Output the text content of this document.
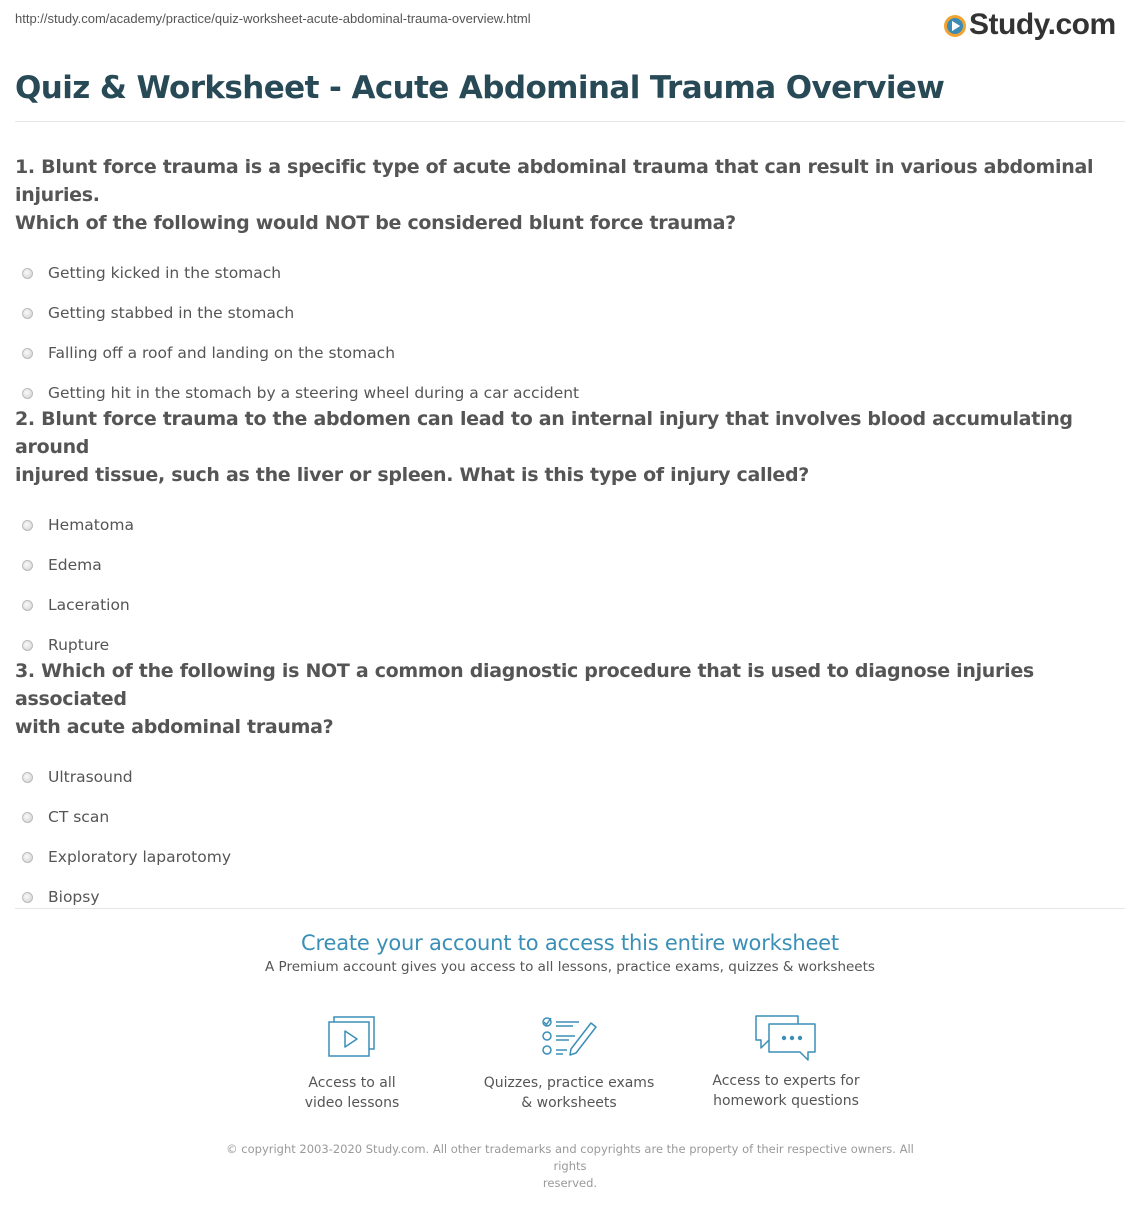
http://study.com/academy/practice/quiz-worksheet-acute-abdominal-trauma-overview.html	Study.com
Quiz & Worksheet - Acute Abdominal Trauma Overview

1. Blunt force trauma is a specific type of acute abdominal trauma that can result in various abdominal injuries.
Which of the following would NOT be considered blunt force trauma?

Getting kicked in the stomach
Getting stabbed in the stomach
Falling off a roof and landing on the stomach
Getting hit in the stomach by a steering wheel during a car accident

2. Blunt force trauma to the abdomen can lead to an internal injury that involves blood accumulating around
injured tissue, such as the liver or spleen. What is this type of injury called?

Hematoma
Edema
Laceration
Rupture

3. Which of the following is NOT a common diagnostic procedure that is used to diagnose injuries associated
with acute abdominal trauma?

Ultrasound
CT scan
Exploratory laparotomy
Biopsy
Create your account to access this entire worksheet
A Premium account gives you access to all lessons, practice exams, quizzes & worksheets
Access to all
video lessons
Quizzes, practice exams
& worksheets
Access to experts for
homework questions
© copyright 2003-2020 Study.com. All other trademarks and copyrights are the property of their respective owners. All rights
reserved.
